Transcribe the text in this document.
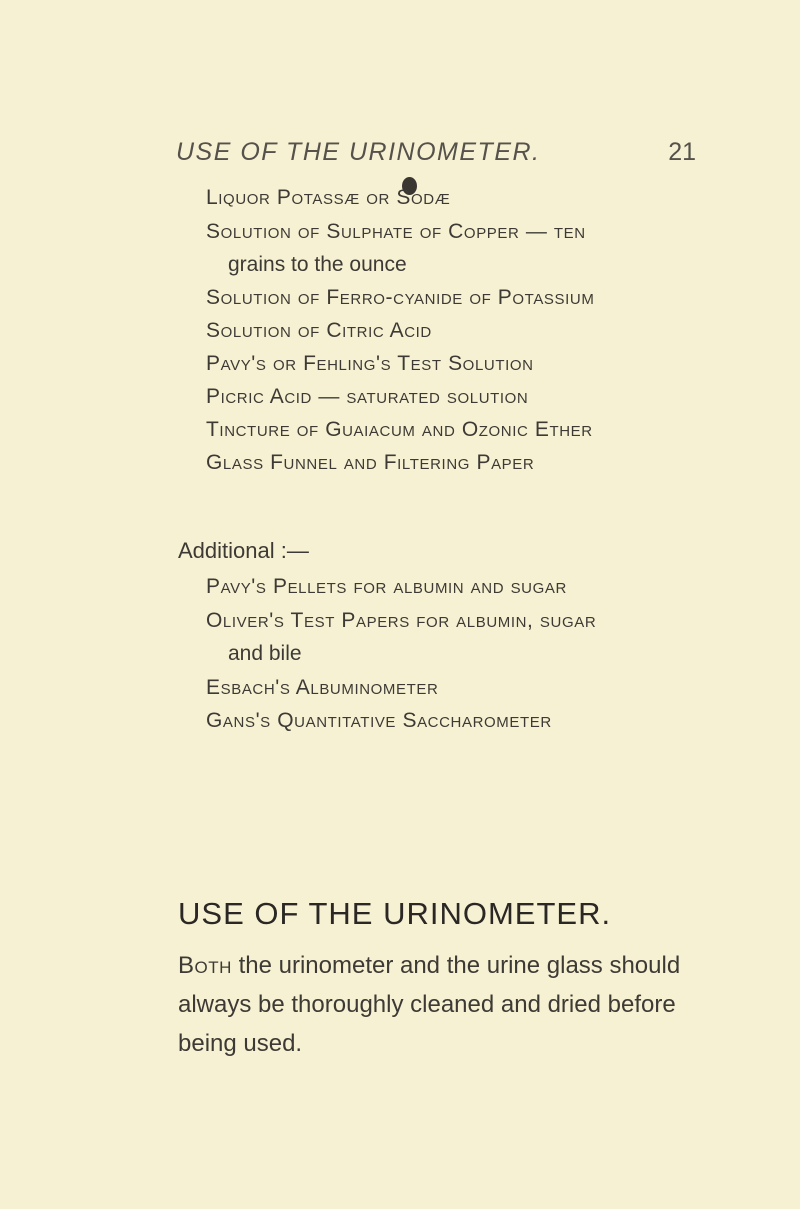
USE OF THE URINOMETER.	21
Liquor Potassæ or Sodæ
Solution of Sulphate of Copper — ten
grains to the ounce
Solution of Ferro-cyanide of Potassium
Solution of Citric Acid
Pavy's or Fehling's Test Solution
Picric Acid — saturated solution
Tincture of Guaiacum and Ozonic Ether
Glass Funnel and Filtering Paper
Additional :—
Pavy's Pellets for albumin and sugar
Oliver's Test Papers for albumin, sugar
and bile
Esbach's Albuminometer
Gans's Quantitative Saccharometer
USE OF THE URINOMETER.
Both the urinometer and the urine glass should always be thoroughly cleaned and dried before being used.
